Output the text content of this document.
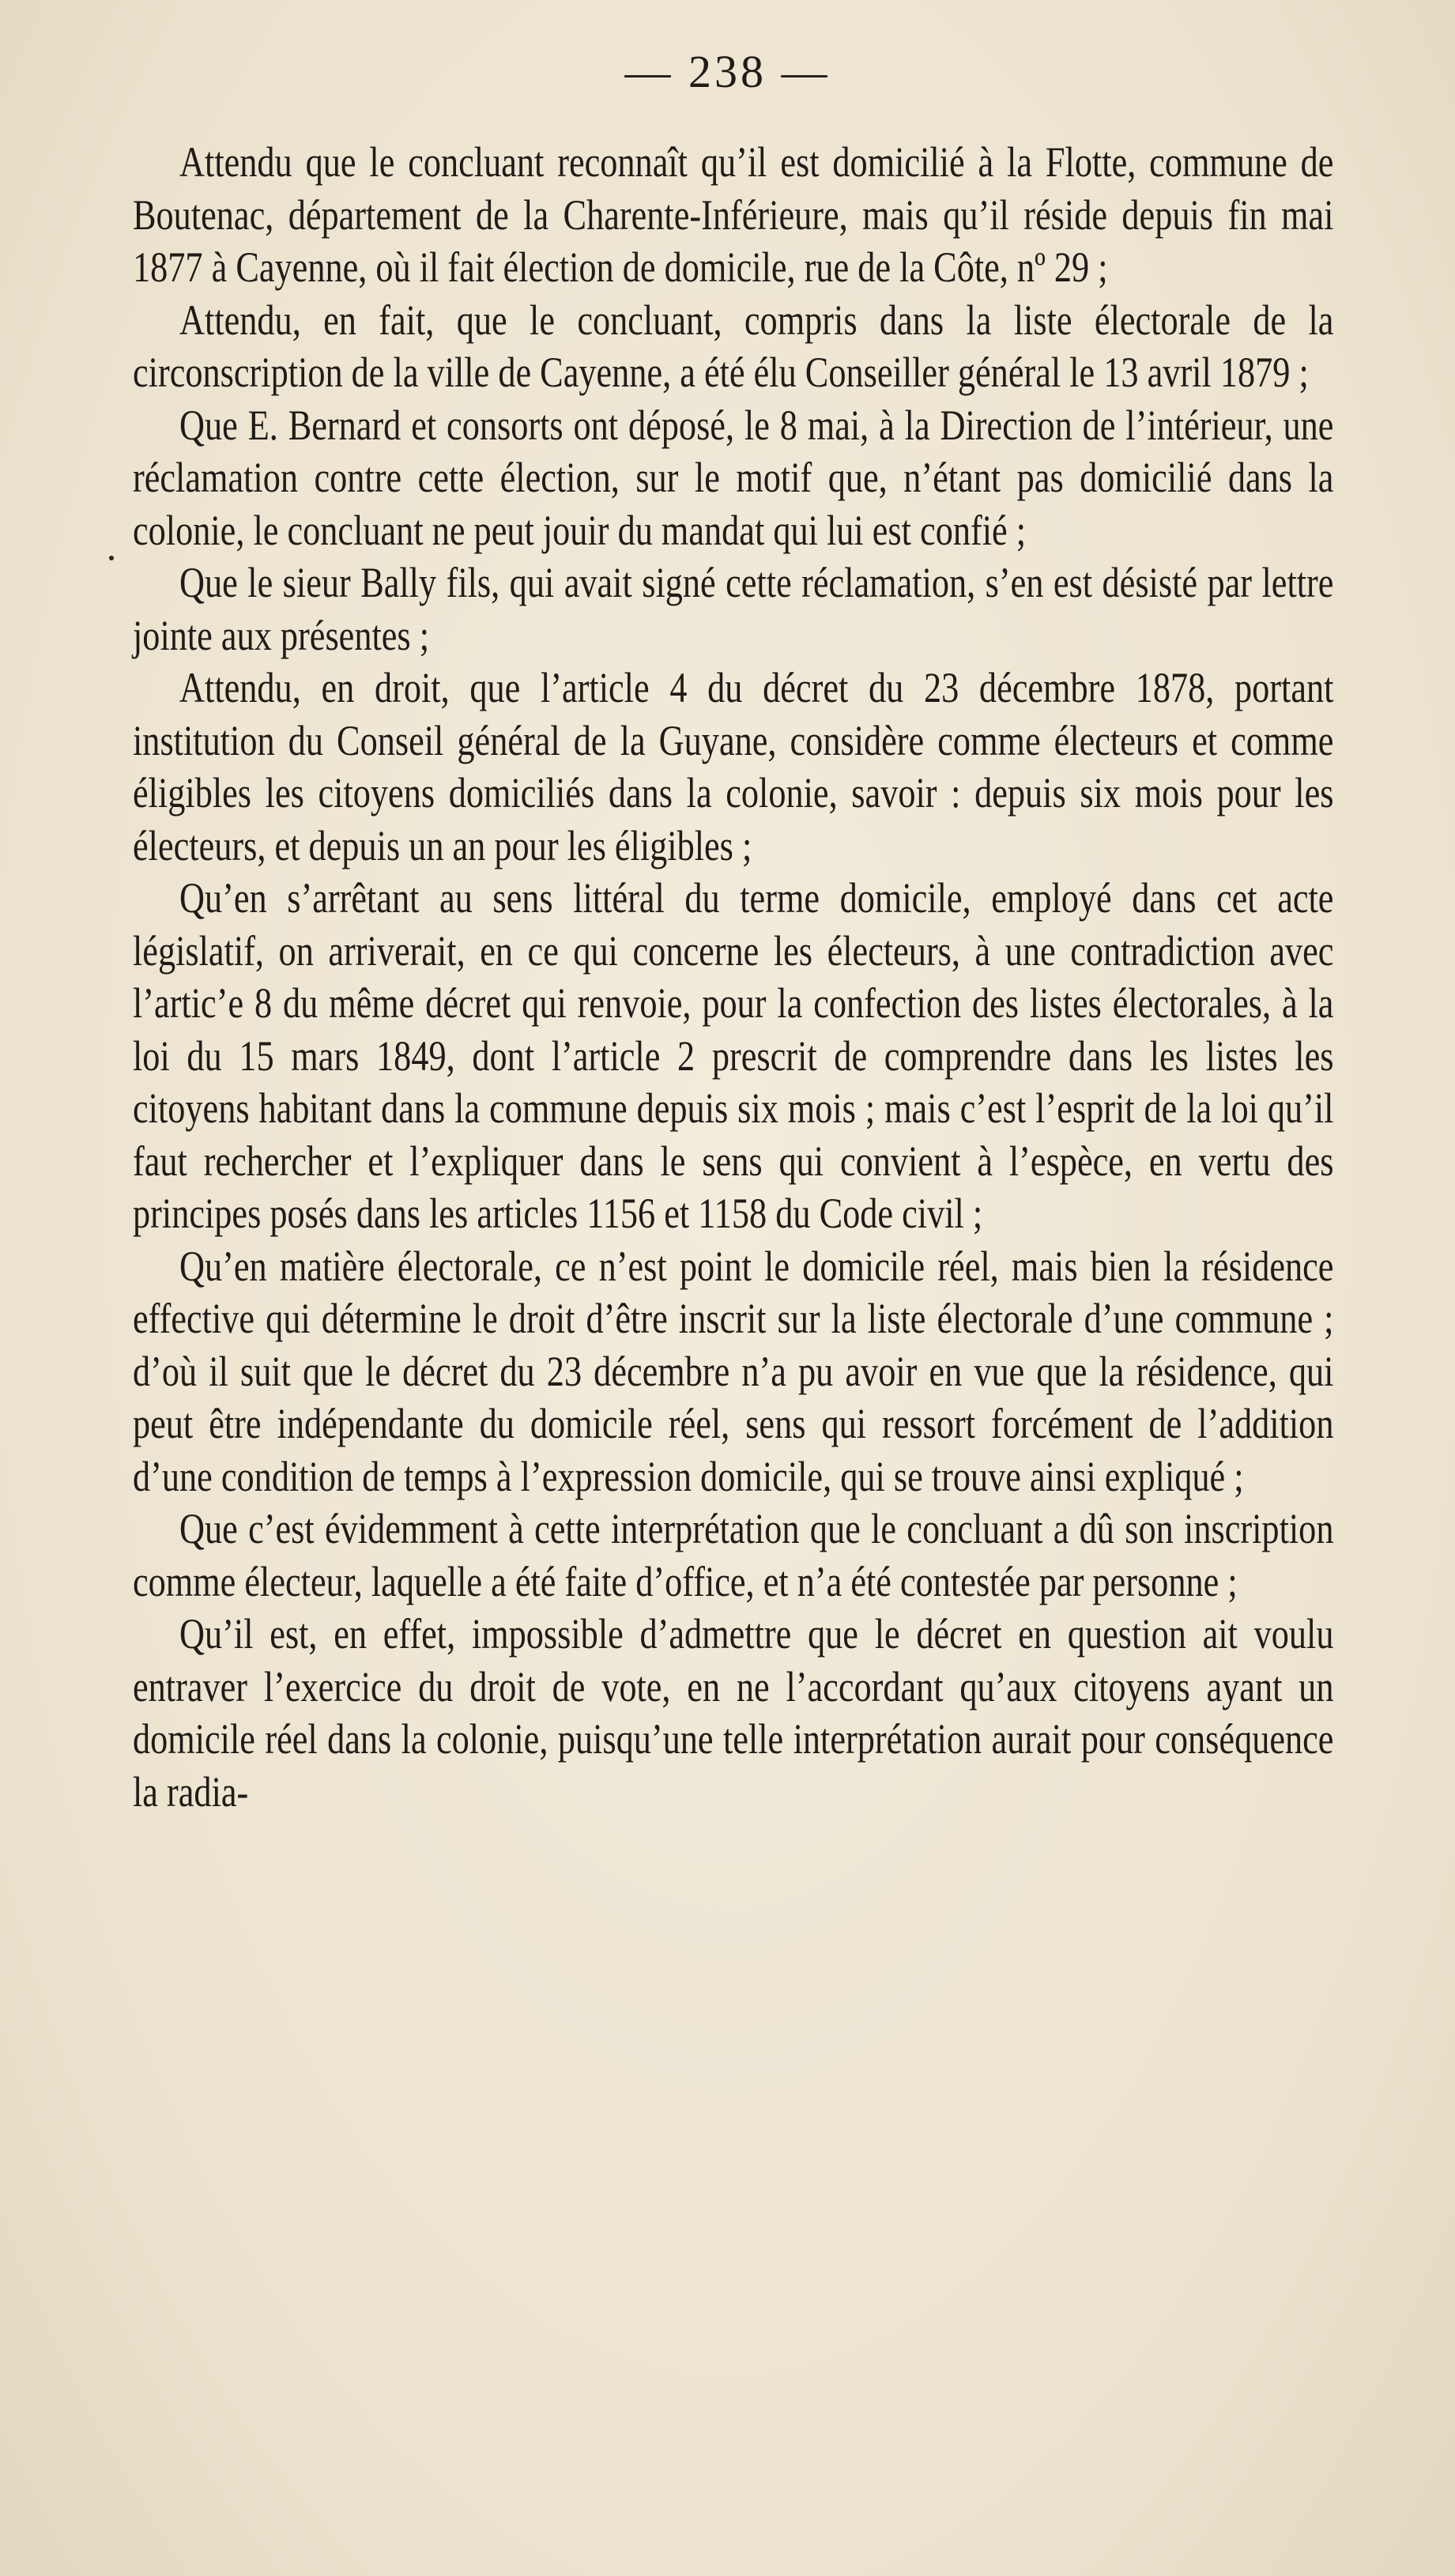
— 238 —

Attendu que le concluant reconnaît qu’il est domicilié à la Flotte, commune de Boutenac, département de la Charente-Inférieure, mais qu’il réside depuis fin mai 1877 à Cayenne, où il fait élection de domicile, rue de la Côte, nº 29 ;

Attendu, en fait, que le concluant, compris dans la liste électorale de la circonscription de la ville de Cayenne, a été élu Conseiller général le 13 avril 1879 ;

Que E. Bernard et consorts ont déposé, le 8 mai, à la Direction de l’intérieur, une réclamation contre cette élection, sur le motif que, n’étant pas domicilié dans la colonie, le concluant ne peut jouir du mandat qui lui est confié ;

Que le sieur Bally fils, qui avait signé cette réclamation, s’en est désisté par lettre jointe aux présentes ;

Attendu, en droit, que l’article 4 du décret du 23 décembre 1878, portant institution du Conseil général de la Guyane, considère comme électeurs et comme éligibles les citoyens domiciliés dans la colonie, savoir : depuis six mois pour les électeurs, et depuis un an pour les éligibles ;

Qu’en s’arrêtant au sens littéral du terme domicile, employé dans cet acte législatif, on arriverait, en ce qui concerne les électeurs, à une contradiction avec l’artic’e 8 du même décret qui renvoie, pour la confection des listes électorales, à la loi du 15 mars 1849, dont l’article 2 prescrit de comprendre dans les listes les citoyens habitant dans la commune depuis six mois ; mais c’est l’esprit de la loi qu’il faut rechercher et l’expliquer dans le sens qui convient à l’espèce, en vertu des principes posés dans les articles 1156 et 1158 du Code civil ;

Qu’en matière électorale, ce n’est point le domicile réel, mais bien la résidence effective qui détermine le droit d’être inscrit sur la liste électorale d’une commune ; d’où il suit que le décret du 23 décembre n’a pu avoir en vue que la résidence, qui peut être indépendante du domicile réel, sens qui ressort forcément de l’addition d’une condition de temps à l’expression domicile, qui se trouve ainsi expliqué ;

Que c’est évidemment à cette interprétation que le concluant a dû son inscription comme électeur, laquelle a été faite d’office, et n’a été contestée par personne ;

Qu’il est, en effet, impossible d’admettre que le décret en question ait voulu entraver l’exercice du droit de vote, en ne l’accordant qu’aux citoyens ayant un domicile réel dans la colonie, puisqu’une telle interprétation aurait pour conséquence la radia-
